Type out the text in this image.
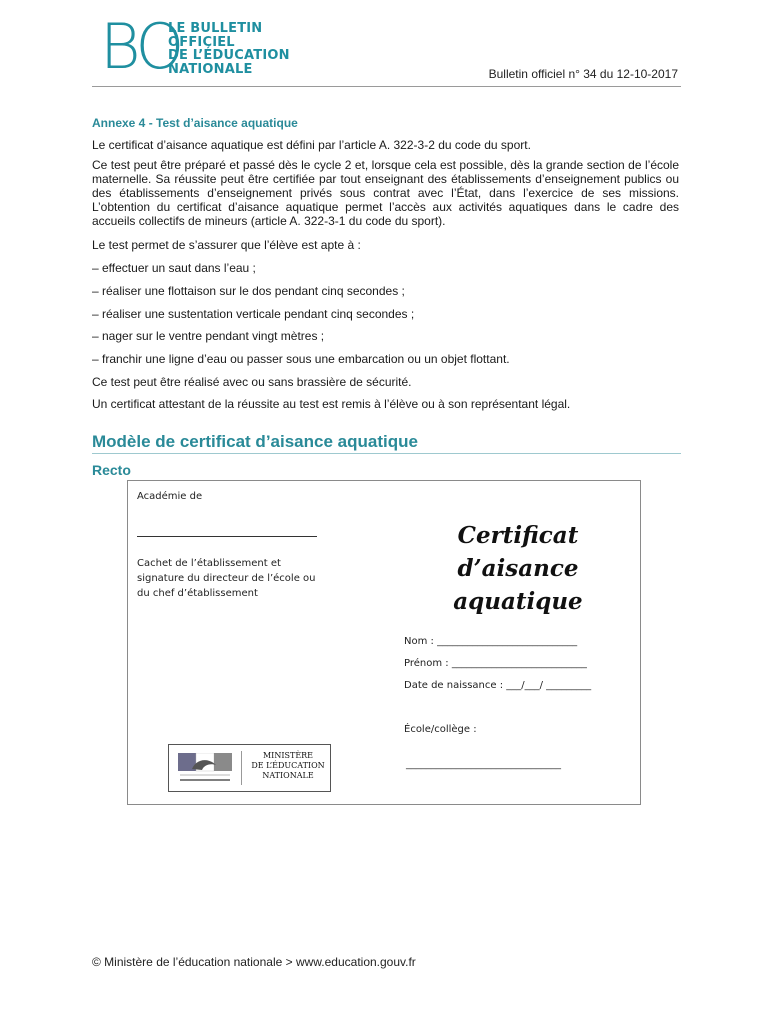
BO
LE BULLETIN
OFFICIEL
DE L’ÉDUCATION
NATIONALE	Bulletin officiel n° 34 du 12-10-2017
Annexe 4 - Test d’aisance aquatique
Le certificat d’aisance aquatique est défini par l’article A. 322-3-2 du code du sport.
Ce test peut être préparé et passé dès le cycle 2 et, lorsque cela est possible, dès la grande section de l’école maternelle. Sa réussite peut être certifiée par tout enseignant des établissements d’enseignement publics ou des établissements d’enseignement privés sous contrat avec l’État, dans l’exercice de ses missions. L’obtention du certificat d’aisance aquatique permet l’accès aux activités aquatiques dans le cadre des accueils collectifs de mineurs (article A. 322-3-1 du code du sport).
Le test permet de s’assurer que l’élève est apte à :
– effectuer un saut dans l’eau ;
– réaliser une flottaison sur le dos pendant cinq secondes ;
– réaliser une sustentation verticale pendant cinq secondes ;
– nager sur le ventre pendant vingt mètres ;
– franchir une ligne d’eau ou passer sous une embarcation ou un objet flottant.
Ce test peut être réalisé avec ou sans brassière de sécurité.
Un certificat attestant de la réussite au test est remis à l’élève ou à son représentant légal.
Modèle de certificat d’aisance aquatique
Recto
Académie de
Cachet de l’établissement et
signature du directeur de l’école ou
du chef d’établissement
Certificat d’aisance
aquatique
Nom : ____________________________
Prénom : ___________________________
Date de naissance : ___/___/ _________
École/collège :
_______________________________
MINISTÈRE
DE L’ÉDUCATION
NATIONALE
© Ministère de l’éducation nationale > www.education.gouv.fr
